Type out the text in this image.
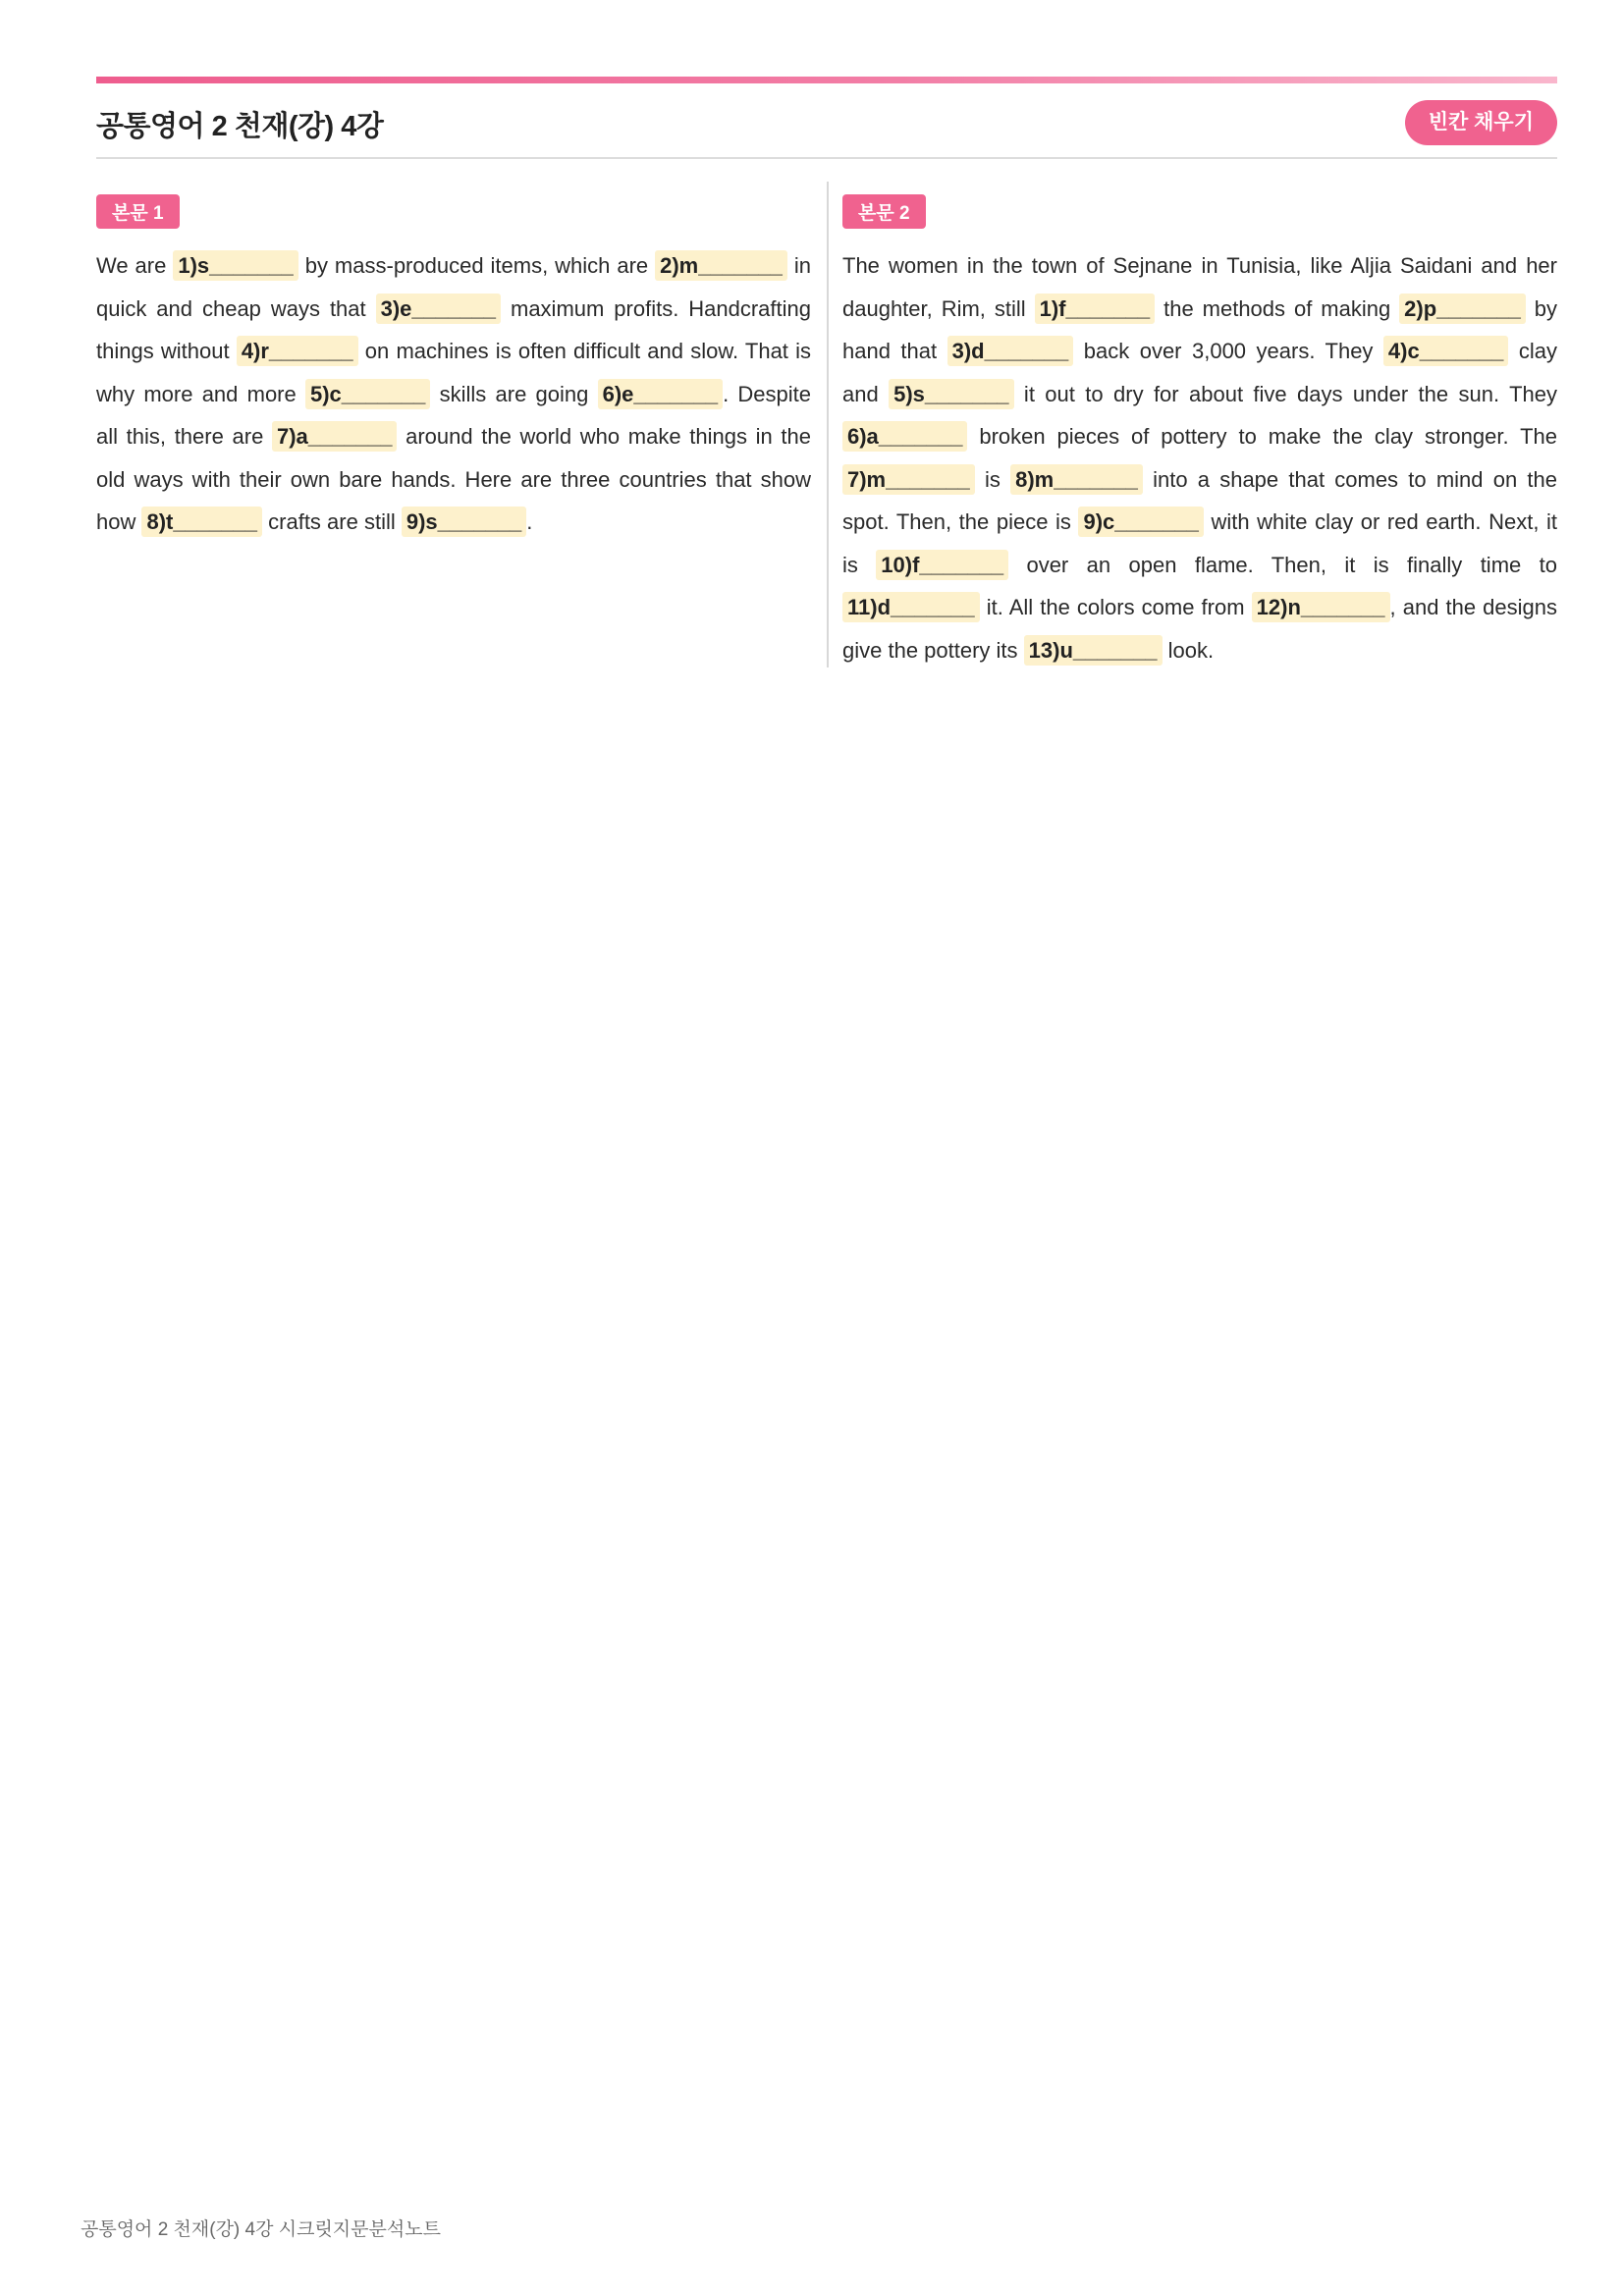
공통영어 2 천재(강) 4강	빈칸 채우기
본문 1
We are 1)s_______ by mass-produced items, which are 2)m_______ in quick and cheap ways that 3)e_______ maximum profits. Handcrafting things without 4)r_______ on machines is often difficult and slow. That is why more and more 5)c_______ skills are going 6)e_______ . Despite all this, there are 7)a_______ around the world who make things in the old ways with their own bare hands. Here are three countries that show how 8)t_______ crafts are still 9)s_______ .
본문 2
The women in the town of Sejnane in Tunisia, like Aljia Saidani and her daughter, Rim, still 1)f_______ the methods of making 2)p_______ by hand that 3)d_______ back over 3,000 years. They 4)c_______ clay and 5)s_______ it out to dry for about five days under the sun. They 6)a_______ broken pieces of pottery to make the clay stronger. The 7)m_______ is 8)m_______ into a shape that comes to mind on the spot. Then, the piece is 9)c_______ with white clay or red earth. Next, it is 10)f_______ over an open flame. Then, it is finally time to 11)d_______ it. All the colors come from 12)n_______ , and the designs give the pottery its 13)u_______ look.
공통영어 2 천재(강) 4강 시크릿지문분석노트
